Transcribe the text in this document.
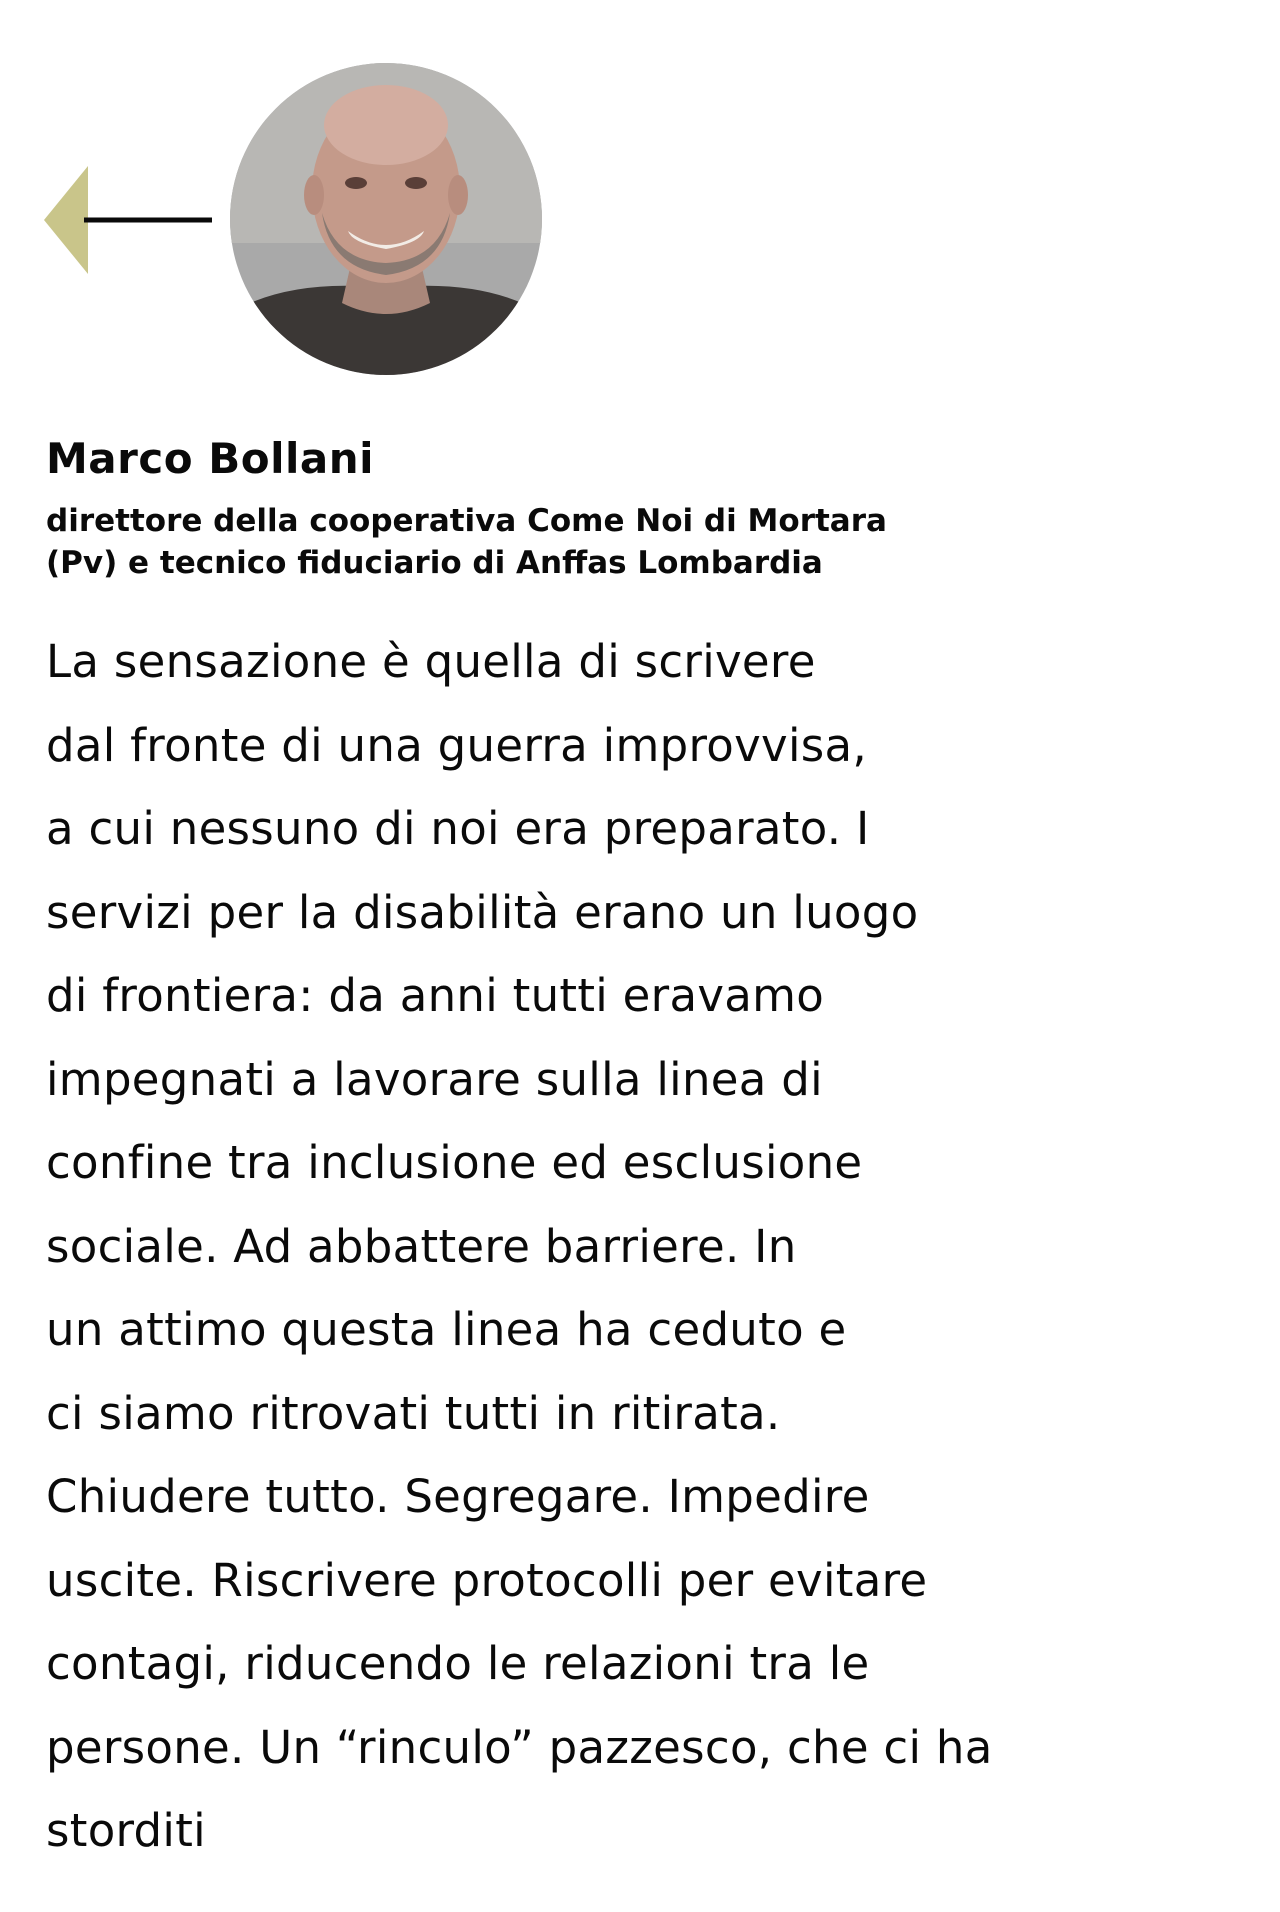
Marco Bollani

direttore della cooperativa Come Noi di Mortara
(Pv) e tecnico fiduciario di Anffas Lombardia

La sensazione è quella di scrivere
dal fronte di una guerra improvvisa,
a cui nessuno di noi era preparato. I
servizi per la disabilità erano un luogo
di frontiera: da anni tutti eravamo
impegnati a lavorare sulla linea di
confine tra inclusione ed esclusione
sociale. Ad abbattere barriere. In
un attimo questa linea ha ceduto e
ci siamo ritrovati tutti in ritirata.
Chiudere tutto. Segregare. Impedire
uscite. Riscrivere protocolli per evitare
contagi, riducendo le relazioni tra le
persone. Un “rinculo” pazzesco, che ci ha
storditi
